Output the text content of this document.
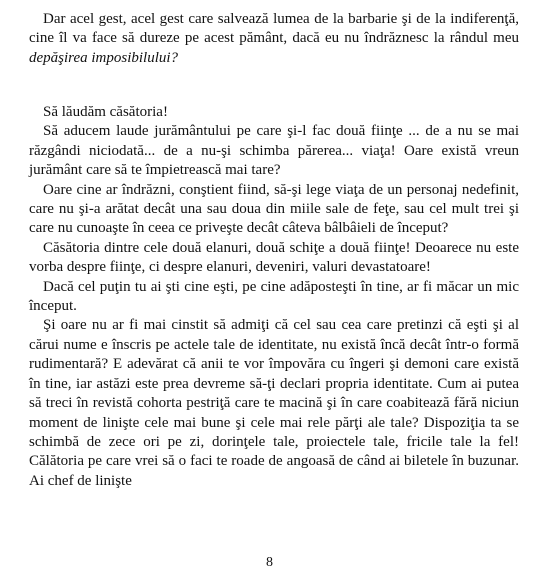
Dar acel gest, acel gest care salvează lumea de la barbarie şi de la indiferenţă, cine îl va face să dureze pe acest pământ, dacă eu nu îndrăznesc la rândul meu depăşirea imposibilului?

Să lăudăm căsătoria!

Să aducem laude jurământului pe care şi-l fac două fiinţe ... de a nu se mai răzgândi niciodată... de a nu-şi schimba părerea... viaţa! Oare există vreun jurământ care să te împietrească mai tare?

Oare cine ar îndrăzni, conştient fiind, să-şi lege viaţa de un personaj nedefinit, care nu şi-a arătat decât una sau doua din miile sale de feţe, sau cel mult trei şi care nu cunoaşte în ceea ce priveşte decât câteva bâlbâieli de început?

Căsătoria dintre cele două elanuri, două schiţe a două fiinţe! Deoarece nu este vorba despre fiinţe, ci despre elanuri, deveniri, valuri devastatoare!

Dacă cel puţin tu ai şti cine eşti, pe cine adăposteşti în tine, ar fi măcar un mic început.

Şi oare nu ar fi mai cinstit să admiţi că cel sau cea care pretinzi că eşti şi al cărui nume e înscris pe actele tale de identitate, nu există încă decât într-o formă rudimentară? E adevărat că anii te vor împovăra cu îngeri şi demoni care există în tine, iar astăzi este prea devreme să-ţi declari propria identitate. Cum ai putea să treci în revistă cohorta pestriţă care te macină şi în care coabitează fără niciun moment de linişte cele mai bune şi cele mai rele părţi ale tale? Dispoziţia ta se schimbă de zece ori pe zi, dorinţele tale, proiectele tale, fricile tale la fel! Călătoria pe care vrei să o faci te roade de angoasă de când ai biletele în buzunar. Ai chef de linişte

8
